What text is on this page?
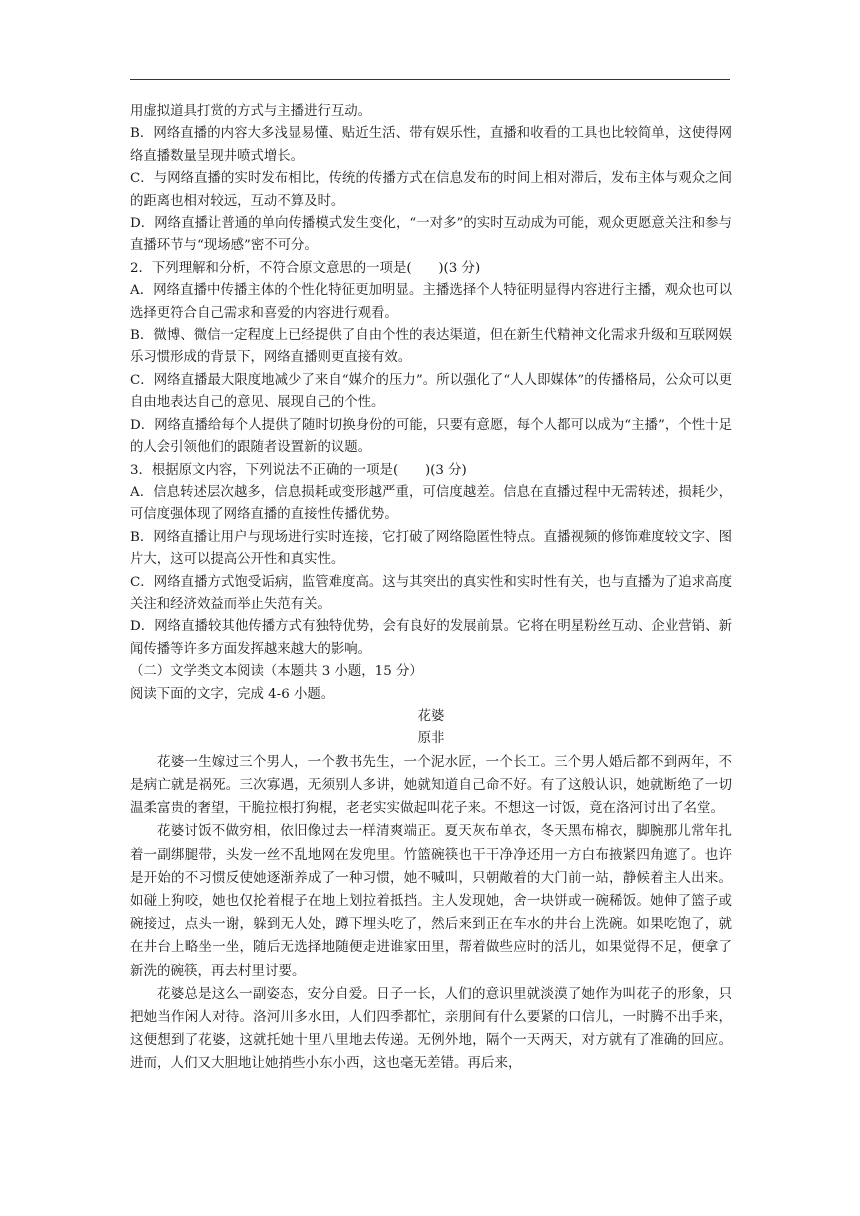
用虚拟道具打赏的方式与主播进行互动。

B．网络直播的内容大多浅显易懂、贴近生活、带有娱乐性，直播和收看的工具也比较简单，这使得网络直播数量呈现井喷式增长。

C．与网络直播的实时发布相比，传统的传播方式在信息发布的时间上相对滞后，发布主体与观众之间的距离也相对较远，互动不算及时。

D．网络直播让普通的单向传播模式发生变化，“一对多”的实时互动成为可能，观众更愿意关注和参与直播环节与“现场感”密不可分。

2．下列理解和分析，不符合原文意思的一项是(　　)(3 分)

A．网络直播中传播主体的个性化特征更加明显。主播选择个人特征明显得内容进行主播，观众也可以选择更符合自己需求和喜爱的内容进行观看。

B．微博、微信一定程度上已经提供了自由个性的表达渠道，但在新生代精神文化需求升级和互联网娱乐习惯形成的背景下，网络直播则更直接有效。

C．网络直播最大限度地减少了来自“媒介的压力”。所以强化了“人人即媒体”的传播格局，公众可以更自由地表达自己的意见、展现自己的个性。

D．网络直播给每个人提供了随时切换身份的可能，只要有意愿，每个人都可以成为“主播”，个性十足的人会引领他们的跟随者设置新的议题。

3．根据原文内容，下列说法不正确的一项是(　　)(3 分)

A．信息转述层次越多，信息损耗或变形越严重，可信度越差。信息在直播过程中无需转述，损耗少，可信度强体现了网络直播的直接性传播优势。

B．网络直播让用户与现场进行实时连接，它打破了网络隐匿性特点。直播视频的修饰难度较文字、图片大，这可以提高公开性和真实性。

C．网络直播方式饱受诟病，监管难度高。这与其突出的真实性和实时性有关，也与直播为了追求高度关注和经济效益而举止失范有关。

D．网络直播较其他传播方式有独特优势，会有良好的发展前景。它将在明星粉丝互动、企业营销、新闻传播等许多方面发挥越来越大的影响。

（二）文学类文本阅读（本题共 3 小题，15 分）

阅读下面的文字，完成 4-6 小题。

花婆

原非

花婆一生嫁过三个男人，一个教书先生，一个泥水匠，一个长工。三个男人婚后都不到两年，不是病亡就是祸死。三次寡遇，无须别人多讲，她就知道自己命不好。有了这般认识，她就断绝了一切温柔富贵的奢望，干脆拉根打狗棍，老老实实做起叫花子来。不想这一讨饭，竟在洛河讨出了名堂。

花婆讨饭不做穷相，依旧像过去一样清爽端正。夏天灰布单衣，冬天黑布棉衣，脚腕那儿常年扎着一副绑腿带，头发一丝不乱地网在发兜里。竹篮碗筷也干干净净还用一方白布掖紧四角遮了。也许是开始的不习惯反使她逐渐养成了一种习惯，她不喊叫，只朝敞着的大门前一站，静候着主人出来。如碰上狗咬，她也仅抡着棍子在地上划拉着抵挡。主人发现她，舍一块饼或一碗稀饭。她伸了篮子或碗接过，点头一谢，躲到无人处，蹲下埋头吃了，然后来到正在车水的井台上洗碗。如果吃饱了，就在井台上略坐一坐，随后无选择地随便走进谁家田里，帮着做些应时的活儿，如果觉得不足，便拿了新洗的碗筷，再去村里讨要。

花婆总是这么一副姿态，安分自爱。日子一长，人们的意识里就淡漠了她作为叫花子的形象，只把她当作闲人对待。洛河川多水田，人们四季都忙，亲朋间有什么要紧的口信儿，一时腾不出手来，这便想到了花婆，这就托她十里八里地去传递。无例外地，隔个一天两天，对方就有了准确的回应。进而，人们又大胆地让她捎些小东小西，这也毫无差错。再后来，
